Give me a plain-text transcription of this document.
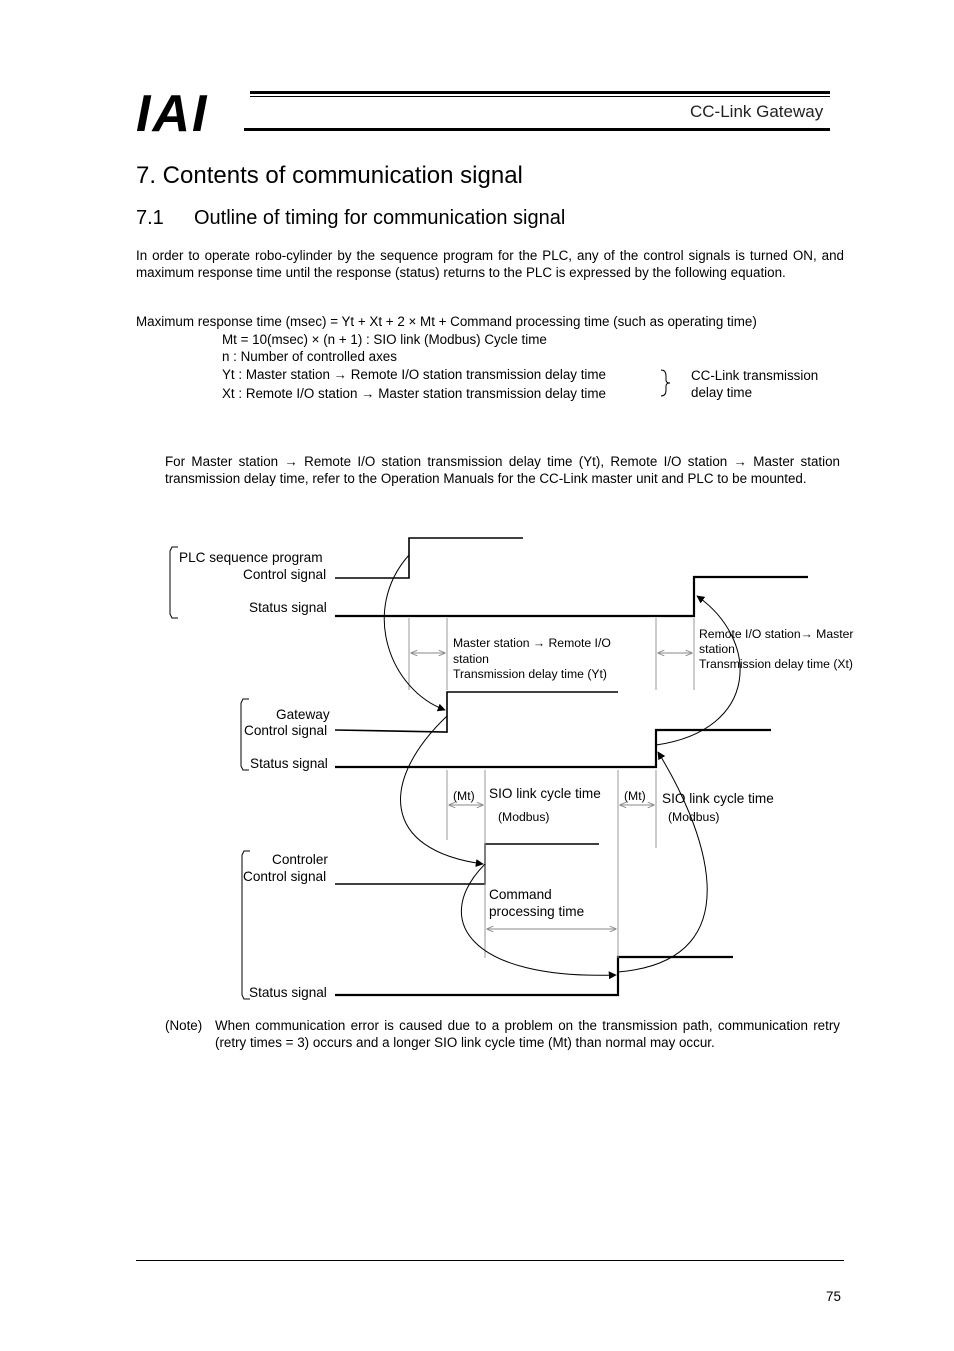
IAI	CC-Link Gateway
7. Contents of communication signal
7.1 Outline of timing for communication signal
In order to operate robo-cylinder by the sequence program for the PLC, any of the control signals is turned ON, and maximum response time until the response (status) returns to the PLC is expressed by the following equation.
Maximum response time (msec) = Yt + Xt + 2 × Mt + Command processing time (such as operating time)
Mt = 10(msec) × (n + 1) : SIO link (Modbus) Cycle time
n : Number of controlled axes
Yt : Master station → Remote I/O station transmission delay time
Xt : Remote I/O station → Master station transmission delay time
CC-Link transmission delay time
For Master station → Remote I/O station transmission delay time (Yt), Remote I/O station → Master station transmission delay time, refer to the Operation Manuals for the CC-Link master unit and PLC to be mounted.
PLC sequence program
Control signal
Status signal
Master station → Remote I/O
station
Transmission delay time (Yt)
Remote I/O station→ Master
station
Transmission delay time (Xt)
Gateway
Control signal
Status signal
(Mt) SIO link cycle time
(Modbus)
(Mt) SIO link cycle time
(Modbus)
Controler
Control signal
Command
processing time
Status signal
(Note) When communication error is caused due to a problem on the transmission path, communication retry (retry times = 3) occurs and a longer SIO link cycle time (Mt) than normal may occur.
75
